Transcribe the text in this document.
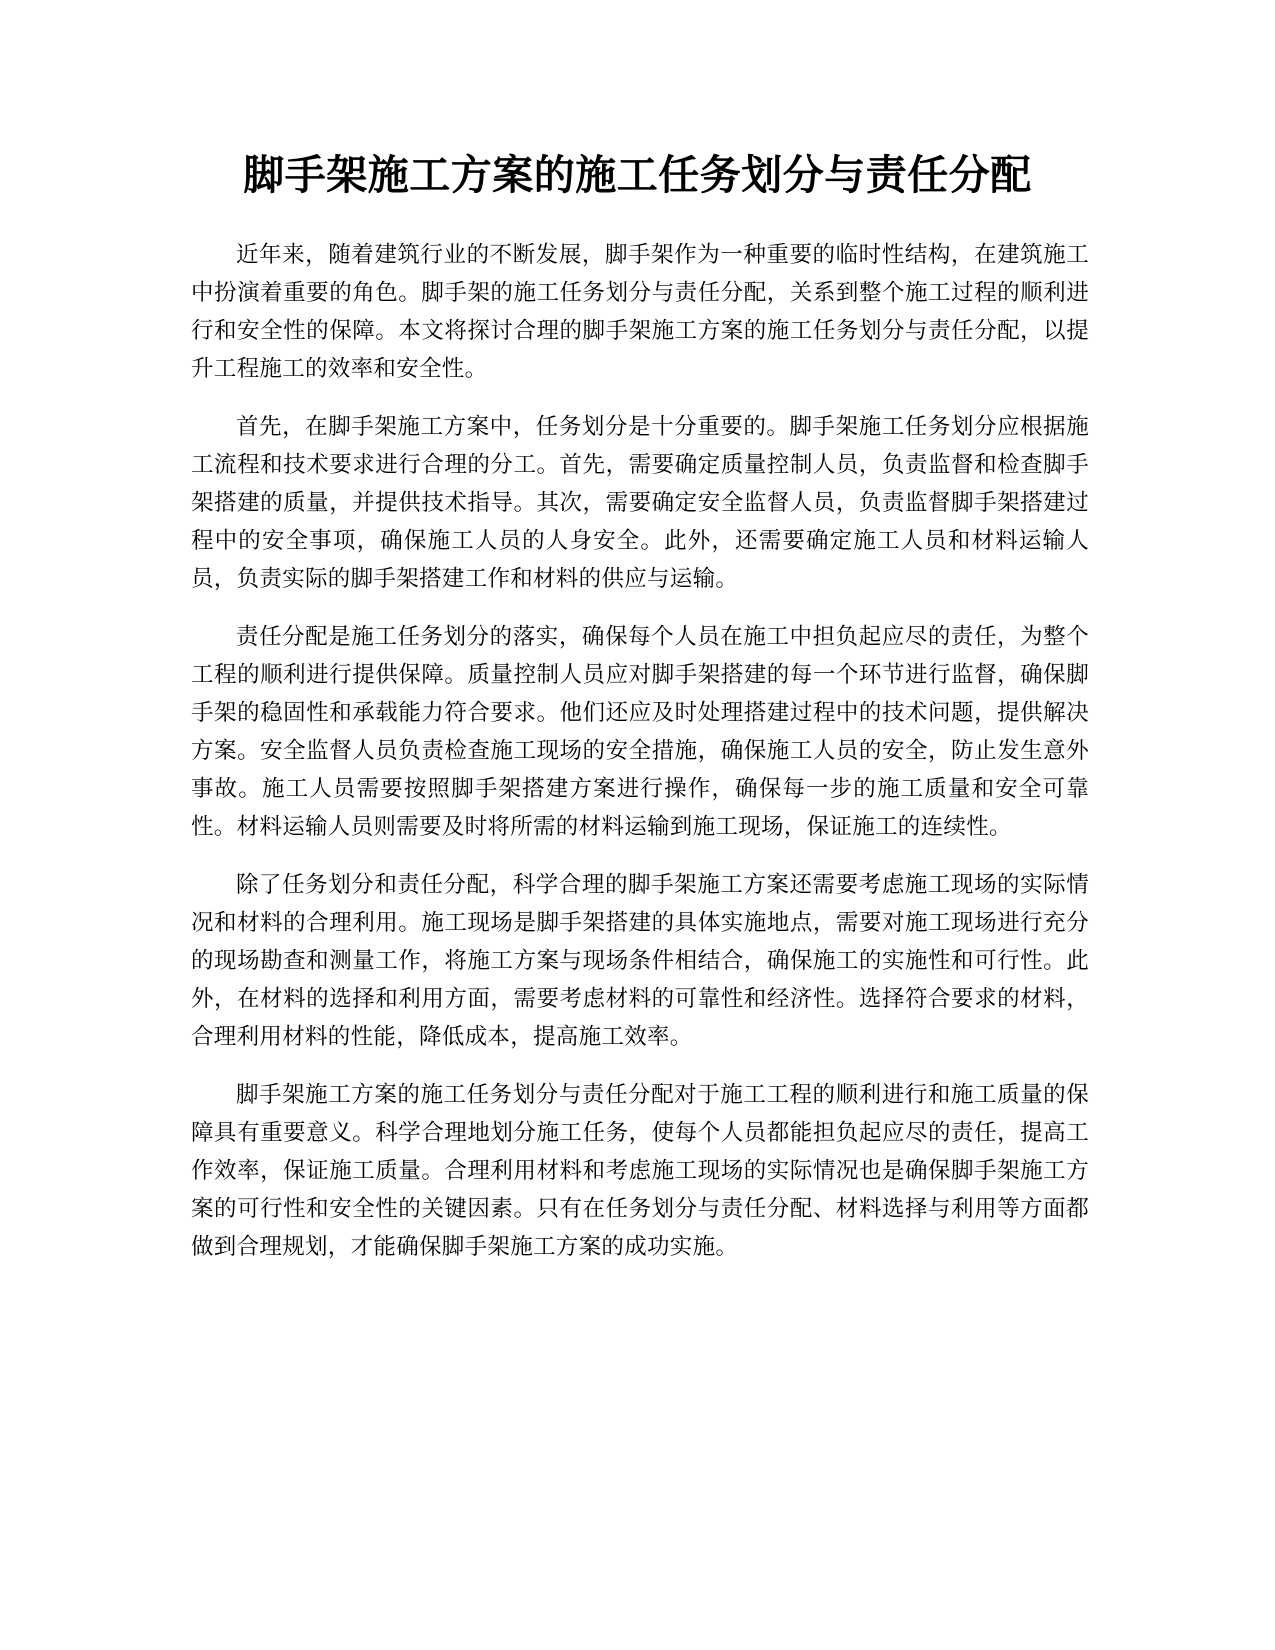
脚手架施工方案的施工任务划分与责任分配

近年来，随着建筑行业的不断发展，脚手架作为一种重要的临时性结构，在建筑施工中扮演着重要的角色。脚手架的施工任务划分与责任分配，关系到整个施工过程的顺利进行和安全性的保障。本文将探讨合理的脚手架施工方案的施工任务划分与责任分配，以提升工程施工的效率和安全性。

首先，在脚手架施工方案中，任务划分是十分重要的。脚手架施工任务划分应根据施工流程和技术要求进行合理的分工。首先，需要确定质量控制人员，负责监督和检查脚手架搭建的质量，并提供技术指导。其次，需要确定安全监督人员，负责监督脚手架搭建过程中的安全事项，确保施工人员的人身安全。此外，还需要确定施工人员和材料运输人员，负责实际的脚手架搭建工作和材料的供应与运输。

责任分配是施工任务划分的落实，确保每个人员在施工中担负起应尽的责任，为整个工程的顺利进行提供保障。质量控制人员应对脚手架搭建的每一个环节进行监督，确保脚手架的稳固性和承载能力符合要求。他们还应及时处理搭建过程中的技术问题，提供解决方案。安全监督人员负责检查施工现场的安全措施，确保施工人员的安全，防止发生意外事故。施工人员需要按照脚手架搭建方案进行操作，确保每一步的施工质量和安全可靠性。材料运输人员则需要及时将所需的材料运输到施工现场，保证施工的连续性。

除了任务划分和责任分配，科学合理的脚手架施工方案还需要考虑施工现场的实际情况和材料的合理利用。施工现场是脚手架搭建的具体实施地点，需要对施工现场进行充分的现场勘查和测量工作，将施工方案与现场条件相结合，确保施工的实施性和可行性。此外，在材料的选择和利用方面，需要考虑材料的可靠性和经济性。选择符合要求的材料，合理利用材料的性能，降低成本，提高施工效率。

脚手架施工方案的施工任务划分与责任分配对于施工工程的顺利进行和施工质量的保障具有重要意义。科学合理地划分施工任务，使每个人员都能担负起应尽的责任，提高工作效率，保证施工质量。合理利用材料和考虑施工现场的实际情况也是确保脚手架施工方案的可行性和安全性的关键因素。只有在任务划分与责任分配、材料选择与利用等方面都做到合理规划，才能确保脚手架施工方案的成功实施。
